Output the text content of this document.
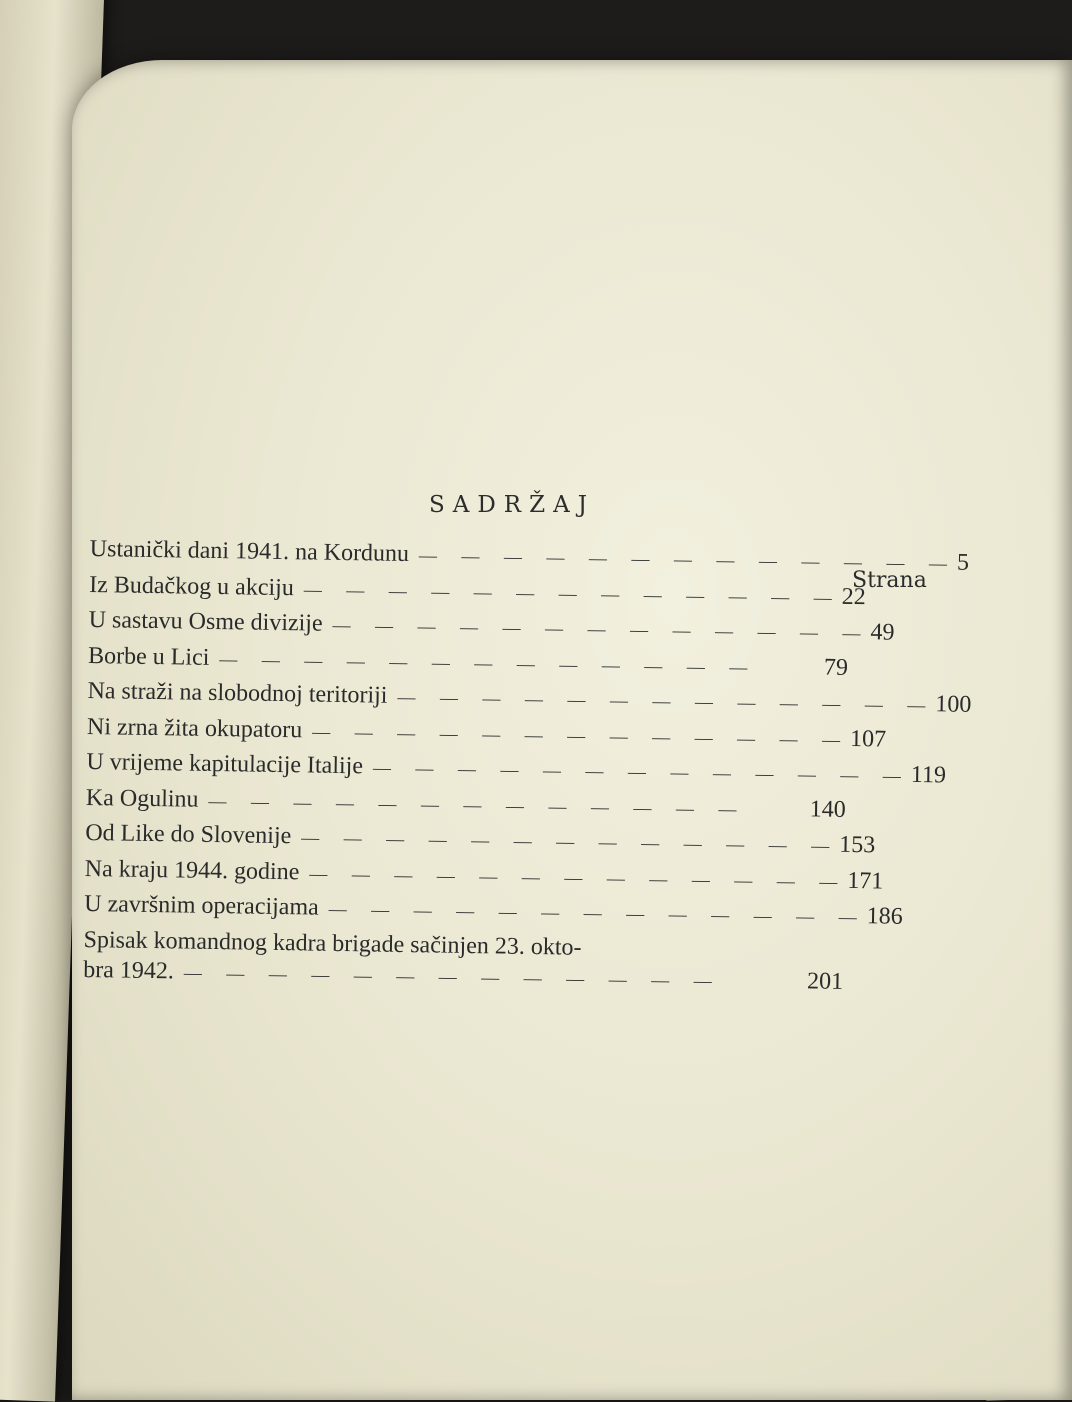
SADRŽAJ
Strana
Ustanički dani 1941. na Kordunu — — — — — — — — — — — — — 5
Iz Budačkog u akciju — — — — — — — — — — — — — 22
U sastavu Osme divizije — — — — — — — — — — — — — 49
Borbe u Lici — — — — — — — — — — — — —	79
Na straži na slobodnoj teritoriji — — — — — — — — — — — — — 100
Ni zrna žita okupatoru — — — — — — — — — — — — — 107
U vrijeme kapitulacije Italije — — — — — — — — — — — — — 119
Ka Ogulinu — — — — — — — — — — — — —	140
Od Like do Slovenije — — — — — — — — — — — — — 153
Na kraju 1944. godine — — — — — — — — — — — — — 171
U završnim operacijama — — — — — — — — — — — — — 186
Spisak komandnog kadra brigade sačinjen 23. okto-
bra 1942. — — — — — — — — — — — — —	201
